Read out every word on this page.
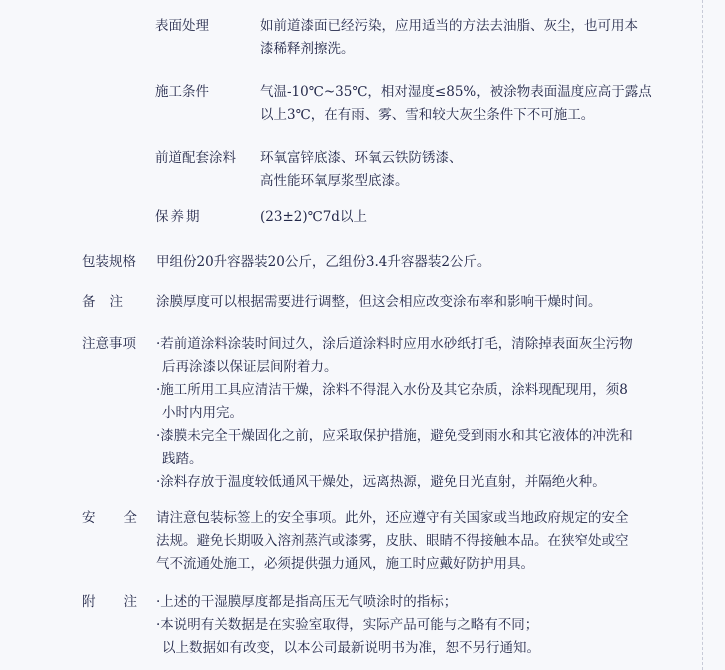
表面处理	如前道漆面已经污染，应用适当的方法去油脂、灰尘，也可用本
漆稀释剂擦洗。
施工条件	气温-10℃~35℃，相对湿度≤85%，被涂物表面温度应高于露点
以上3℃，在有雨、雾、雪和较大灰尘条件下不可施工。
前道配套涂料 环氧富锌底漆、环氧云铁防锈漆、
高性能环氧厚浆型底漆。
保养期	(23±2)℃7d以上
包装规格 甲组份20升容器装20公斤，乙组份3.4升容器装2公斤。
备注 涂膜厚度可以根据需要进行调整，但这会相应改变涂布率和影响干燥时间。
注意事项 ·若前道涂料涂装时间过久，涂后道涂料时应用水砂纸打毛，清除掉表面灰尘污物
后再涂漆以保证层间附着力。
·施工所用工具应清洁干燥，涂料不得混入水份及其它杂质，涂料现配现用，须8
小时内用完。
·漆膜未完全干燥固化之前，应采取保护措施，避免受到雨水和其它液体的冲洗和
践踏。
·涂料存放于温度较低通风干燥处，远离热源，避免日光直射，并隔绝火种。
安全
请注意包装标签上的安全事项。此外，还应遵守有关国家或当地政府规定的安全
法规。避免长期吸入溶剂蒸汽或漆雾，皮肤、眼睛不得接触本品。在狭窄处或空
气不流通处施工，必须提供强力通风，施工时应戴好防护用具。
附注
·上述的干湿膜厚度都是指高压无气喷涂时的指标；
·本说明有关数据是在实验室取得，实际产品可能与之略有不同；
以上数据如有改变，以本公司最新说明书为准，恕不另行通知。
